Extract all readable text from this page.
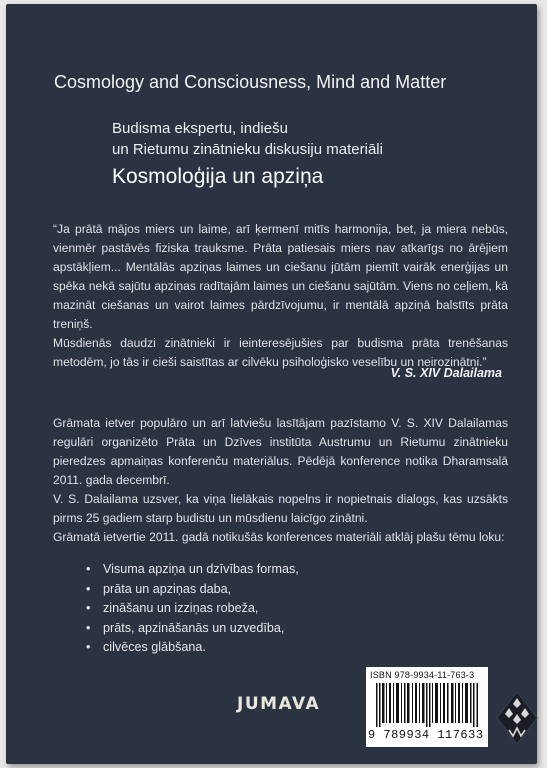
Cosmology and Consciousness, Mind and Matter
Budisma ekspertu, indiešu
un Rietumu zinātnieku diskusiju materiāli
Kosmoloģija un apziņa

“Ja prātā mājos miers un laime, arī ķermenī mitīs harmonija, bet, ja miera nebūs, vienmēr pastāvēs fiziska trauksme. Prāta patiesais miers nav atkarīgs no ārējiem apstākļiem... Mentālās apziņas laimes un ciešanu jūtām piemīt vairāk enerģijas un spēka nekā sajūtu apziņas radītajām laimes un ciešanu sajūtām. Viens no ceļiem, kā mazināt ciešanas un vairot laimes pārdzīvojumu, ir mentālā apziņā balstīts prāta treniņš.

Mūsdienās daudzi zinātnieki ir ieinteresējušies par budisma prāta trenēšanas metodēm, jo tās ir cieši saistītas ar cilvēku psiholoģisko veselību un neirozinātni.”

V. S. XIV Dalailama

Grāmata ietver populāro un arī latviešu lasītājam pazīstamo V. S. XIV Dalailamas regulāri organizēto Prāta un Dzīves institūta Austrumu un Rietumu zinātnieku pieredzes apmaiņas konferenču materiālus. Pēdējā konference notika Dharamsalā 2011. gada decembrī.

V. S. Dalailama uzsver, ka viņa lielākais nopelns ir nopietnais dialogs, kas uzsākts pirms 25 gadiem starp budistu un mūsdienu laicīgo zinātni.

Grāmatā ietvertie 2011. gadā notikušās konferences materiāli atklāj plašu tēmu loku:

• Visuma apziņa un dzīvības formas,
• prāta un apziņas daba,
• zināšanu un izziņas robeža,
• prāts, apzināšanās un uzvedība,
• cilvēces glābšana.
JUMAVA
ISBN 978-9934-11-763-3
9 789934 117633
